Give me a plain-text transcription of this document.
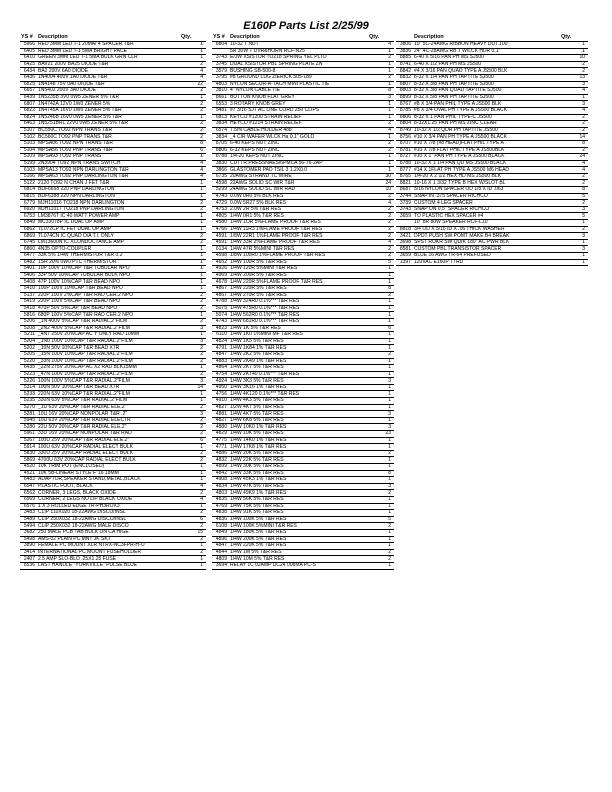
E160P Parts List 2/25/99
YS #	Description	Qty.
5966	RED 3MM LED T-1 20MA/ 4 SPACER T&R	1
6405	RED 3MM LED T-1 5MA BRIGHT PACE	1
6410	GREEN 3MM LED T-1 5MA BULK GRN CLR	1
6425	BAV21 200V BA25 DIODE T&R	2
6434	BA2 200V 6A0 DIODE	4
6436	1N4004 400V 1A0 DIODE T&R	4
6825	1N4148 75V 0A0 DIODE T&R	22
6657	1N5402 200V 3A0 DIODE	2
6439	1N5235B 3V0 0W5 ZENER 5% T&R	1
6807	1N4742A 12V0 1W0 ZENER 5%	2
6822	1N4745A 16V0 1W0 ZENER 5% T&R	2
6824	1N5246B 16V0 0W5 ZENER 5% T&R	1
6463	1N5251BRL 22V0 0W5 ZENER 5% T&R	2
5107	BC550C TO92 NPN TRANS T&R	2
5102	BC560C TO92 PNP TRANS T&R	2
5103	MPSA06 TO92 NPN TRANS T&R	8
5104	MPSA56 TO92 PNP TRANS T&R	6
5109	MPSA93 TO92 PNP TRANS	1
5199	2N3904 TO92 NPN TRANS SWITCH	4
6103	MPSA13 TO92 NPN DARLINGTON T&R	4
5166	MPSA63 TO92 PNP DARLINGTON T&R	4
5122	2120 TO92 N CHAN J FET T&R	1
6814	BDF6658 220 PNP DARLINGTON	1
6815	BDF6388 220 NPN DARLINGTON	1
6779	MJH11016 TO218 NPN DARLINGTON	2
6920	MJH11017 TO218 PNP DARLINGTON	2
6753	LM3876T IC 40 WATT POWER AMP	1
6849	MC33078P IC DUAL OP AMP	1
6862	TL072CP IC FET DUAL OP AMP	1
6869	TL074CN IC QUAD O/A T.I. ONLY	2
6745	LM13600N IC XCONDUCTANCE AMP	2
6860	4N35 OPTO-COUPLER	1
6477	33K 5% 1/4W THERMISTOR T&R 0.2	1
6482	1SR 20% 0W0 PTC THERMISTOR	1
5401	10P 100V 10%CAP T&R TUBULAR NPO	1
5406	33P 50V 10%CAP TUBULAR BULK NPO	1
5408	47P 100V 10%CAP T&R BEAD NPO	1
5410	100P 100V 10%CAP T&R BEAD NPO	1
5137	220P 100V 2%CAP T&R RAD CER.2 NPO	2
5419	220P 100V 5%CAP T&R BEAD NPO	2
5418	470P 50V 5%CAP T&R BEAD NPO	2
5816	680P 100V 5%CAP T&R RAD CER.2 NPO	1
5206	_1N 400V 5%CAP T&R RADIAL.2"FILM	2
5208	_2N2 400V 5%CAP T&R RADIAL.2"FILM	3
5211	_4N7 250V 20%CAP AC Y ONLY RAD 10MM	1
5204	_1N0 100V 10%CAP T&R RADIAL.2"FILM	3
5202	_10N 50V 10%CAP T&R BEAD X7R	2
5205	_15N 100V 10%CAP T&R RADIAL.2"FILM	2
5220	_33N 100V 10%CAP T&R RADIAL.2"FILM	2
6435	_22N 275V 20%CAP AC X2 RAD BLK15MM	1
5223	_47N 100V 10%CAP T&R RADIAL.2"FILM	2
5226	100N 100V 5%CAP T&R RADIAL.2"FILM	3
5314	100N 50V 10%CAP T&R BEAD X7R	14
5233	220N 63V 10%CAP T&R RADIAL.2"FILM	1
5235	330N 63V 5%CAP T&R RADIAL.2"FILM	1
5270	_1U 63V 20%CAP T&R RADIAL ELE.2"	2
5281	10U 16V 20%CAP NONPOLAR T&R .2"	3
5945	10U 63V 20%CAP T&R RADIAL ELECTR	2
5280	22U 50V 20%CAP T&R RADIAL ELE.2"	2
5961	33U 16V 20%CAP NONPOLAR T&R RAD	2
5267	100U 25V 20%CAP T&R RADIAL ELE.2"	6
5914	100U 63V 20%CAP RADIAL ELECT BULK	1
5830	330U 25V 20%CAP RADIAL ELECT BULK	2
5869	4700U 63V 20%CAP RADIAL ELECT BULK	2
4520	10K TRIM POT (ENCLOSED)	1
4521	10K 5B-LINEAR STYLE"F"16 18MM	1
6483	ADAPTOR,SPEAKER STAND,METAL,BLACK	1
6547	PLASTIC FOOT, BLACK	4
6562	CORNER, 3 LEGS, BLACK OXIDE	2
6569	CORNER, 2 LEGS NO LIP BLACK OXIDE	4
6576	1 X 3 ROLLED EDGE TR-PH3ROX3	1
3483	CLIP 110X020 18-22AWG DISCO/INSL	2
5489	CLIP 250X032 18-22AWG DISCO/INSL	6
5494	CLIP 250X032 18-22AWG MALE DISCO	2
3682	250 MALE PCB TAB BULK ON CA HIGE	15
5498	AMS-02 PLAIN PC MNT JK SKT	2
3890	FEMALE PC MOUNT XLR NTRX-NC3FPR-H-O	1
3414	INTERNATIONAL PC MOUNT FUSEHOLDER	2
2407	2.5 AMP SLO-BLO .25X1.25 FUSE	1
8536	LAST HANDLE "YORKVILLE" PULSE BLUE	1
YS #	Description	Qty.
8804	10-32 T NUT	4
	5R 30W T DVR&HORN RCF-N25	1
3743	E/JW XSISTOR TO218 SPRING YEL PLTD	2
3745	DUAL XSISTOR PBL SPRING PLATE ZN	1
3579	BUSHING SB-500-8	1
3795	#8 GROUND LUG ZIERICK 505-189	2
4803	NYLON SECUR-A-TACH MINI PLASTIC TIE	1
3810	4" NYLON CABLE TIE	8
8661	BUTTON KNOB FLAT GREY	3
6553	3 ROTARY KNOB GREY	1
5481	#7 3/16 SJT AC LINE CORD 250 CLIPS	1
6813	KEYCO #1200 STRAIN RELIEF	1
3834	HEYCO #1214 STRAIN RELIEF	2
6574	7.5IN CABLE HOLDER 488	4
3834	_4 CIR WAFER WLCK Ha 0.1" GOLD	1
8705	6-40 KEPS NUT ZINC	2
8806	6-32 KEPS NUT ZINC	2
8788	1/4-20 KEPS NUT ZINC	1
3830	CUTTR PRESSNAES/6PMCA 56-76-2AP	1
3866	GLASTOMER PAD TSIL 3 1.2X0.0	1
6735	20AWG STRAND TC WIRE	30
4598	22AWG SOLID SC WIR T&R	24
5299	24AWG SOLID SC WIR RAD	10
4743	0.0W 0R0 5% BLK RES	2
4729	0.0W 5R27 5% BLK RES	4
4753	2.0W 2R 5% T&R RES	2
4805	1/4W 0R1 5% T&R RES	2
4580	1/4W 1OR 5%FLAME PROOF T&R RES	2
4766	1/4W 11R3 1%FLAME PROOF T&R RES	2
4591	1/8W 22R1 1%FLAME PROOF T&R RES	2
4591	1/4W 33R 2%FLAME PROOF T&R RES	4
6134	1/4W 47R 5%MINI T&R RES	2
4598	1/8W 100R0 1%FLAME PROOF T&R RES	2
4652	1/4W 100R 5% T&R RES	5
4926	1/4W 120R 5%MINI T&R RES	1
4969	1/4W 200R 5% T&R RES	1
4678	1/4W 220R 5%FLAME PROOF T&R RES	1
4867	1/4W 220R 5% T&R RES	8
4867	1/4W 270R 5% T&R RES	2
4788	1/4W 324R0 0.1%*** T&R RES	1
5075	1/4W 475R0 0.1%*** T&R RES	1
5074	1/4W 562R0 0.1%*** T&R RES	1
4743	1/4W 681R0 0.1%*** T&R RES	1
4823	1/4W 1K 5% T&R RES	6
6110	1/4W 1K0 1%MINI MF T&R RES	1
4824	1/4W 1K5 5% T&R RES	1
4791	1/4W 1K84 1% T&R RES	1
4847	1/4W 2K2 5% T&R RES	2
4883	1/4W 2K49 1% T&R RES	1
4864	1/4W 2K7 5% T&R RES	1
4754	1/4W 2K740 0.1%*** T&R RES	1
4924	1/4W 3K3 5% T&R RES	3
4950	1/4W 3K16 1% T&R RES	1
4756	1/4W 4K120 0.1%*** T&R RES	1
4910	1/4W 4K3 5% T&R RES	1
4827	1/2W 4K7 5% T&R RES	1
4881	1/4W 4K7 5% T&R RES	3
4827	1/4W 6K8 5% T&R RES	1
4880	1/4W 10K0 1% T&R RES	3
4829	1/4W 10K 5% T&R RES	23
4775	1/4W 14K0 1% T&R RES	1
4771	1/4W 17K8 1% T&R RES	1
4886	1/4W 20K 5% T&R RES	2
4832	1/4W 22K 5% T&R RES	1
4899	1/4W 30K 5% T&R RES	1
4842	1/4W 33K 5% T&R RES	8
4908	1/4W 45K3 1% T&R RES	1
4834	1/4W 47K 5% T&R RES	3
4803	1/4W 49K9 1% T&R RES	2
4835	1/4W 56K 5% T&R RES	1
4769	1/4W 75K 5% T&R RES	1
4838	1/4W 91K 5% T&R RES	1
4836	1/4W 100K 5% T&R RES	5
6108	1/4W 100K 5%MINI T&R RES	2
4849	1/4W 180K 5% T&R RES	1
4896	1/4W 200K 5% T&R RES	1
4847	1/4W 220K 5% T&R RES	1
4844	1/4W 1M 5% T&R RES	2
4809	1/4W 10M 5% T&R RES	2
3694	RELAY 1C 02AMP DC24 008MA PC-S	1
	Description	Qty.
3806	10" 5C-24AWG RIBBON HEAVY DUT.100"	1
3836	24" 4C-28AWG RB T W/LCK HDR 0.1"	1
8885	6-40 X 5/16 PAN PH MS SJ500	10
8741	6-40 X 1/2 PAN PH MS JS500	2
8842	#4 X 3/16 PAN QUAD TYPE A JS500 BLK	2
8832	6-32 X 1/4 PAN PH TAPTITE SJ500	13
8807	8-32 X 3/8 PAN PH TAPTITE SJ500	3
8803	8-32 X 3/8 PAN QUAD TAPTITE SJ500	4
8899	8-32 X 5/8 PAN PH TAPTITE SJ500	1
8767	#8 X 3/4 PAN PHIL TYPE A JS500 BLK	3
8785	#8 X 3/4 OVAL PH TYPE A JS500 BLACK	4
8806	8-32 X 1 PAN PHIL TYPE-C JS500	2
8804	8-32X1.25 PAN PH MS ZINC CLEAR	2
8749	10-32 X 1/2 QDR PH TAPTITE JS500	2
8756	#10 X 3/4 PAN PH TYPE A JS500 BLACK	14
8707	#10 X 7/8 (#8 HEAD)FLAT PHIL TYPE A	8
8781	#10 X 7/8 FLAT PHIL TYPE A JS500BLK	2
8727	#10 X 1" PAN PH TYPE A JS500 BLACK	24
8788	10-32 X 1 1/4 PAN QD MS JS500 BLACK	4
8777	#14 X 1FLAT PH TYPE A JS500 M6 HEAD	4
8765	1/4-20 X 2 1/2 HEX HD MS JS500 BLK	2
8821	10-16 X 1 3/32 TYPE B HEX W/SLOT BL	2
8687	5/16 NYLON SPACER OD 1/8 X ID .063	8
3744	SNAP IN .375 SPACER RICHCO	5
3739	CUSTOM 4 LEG SPACER	2
3743	SNAP ON 0.5" SPACER RICHCO	3
3659	TO PLASTIC HEX SPACER #4	5
	10" 8R 80W SPEAKER RCF-L10	1
8818	3/4 OD X 5/16 ID X .06 THICK WASHER	2
3421	DPDT PUSH SW POMT MAKE B4 BREAK	3
3698	SPST ROKR SW QUIK 180" AC PWR BLK	1
8581	CUSTOM PBL TRANSISTOR SPACER	3
3659	BLUE 16 AWG TR-64 PREFUSED	1
1397	120VAC E160P TTRD	1
